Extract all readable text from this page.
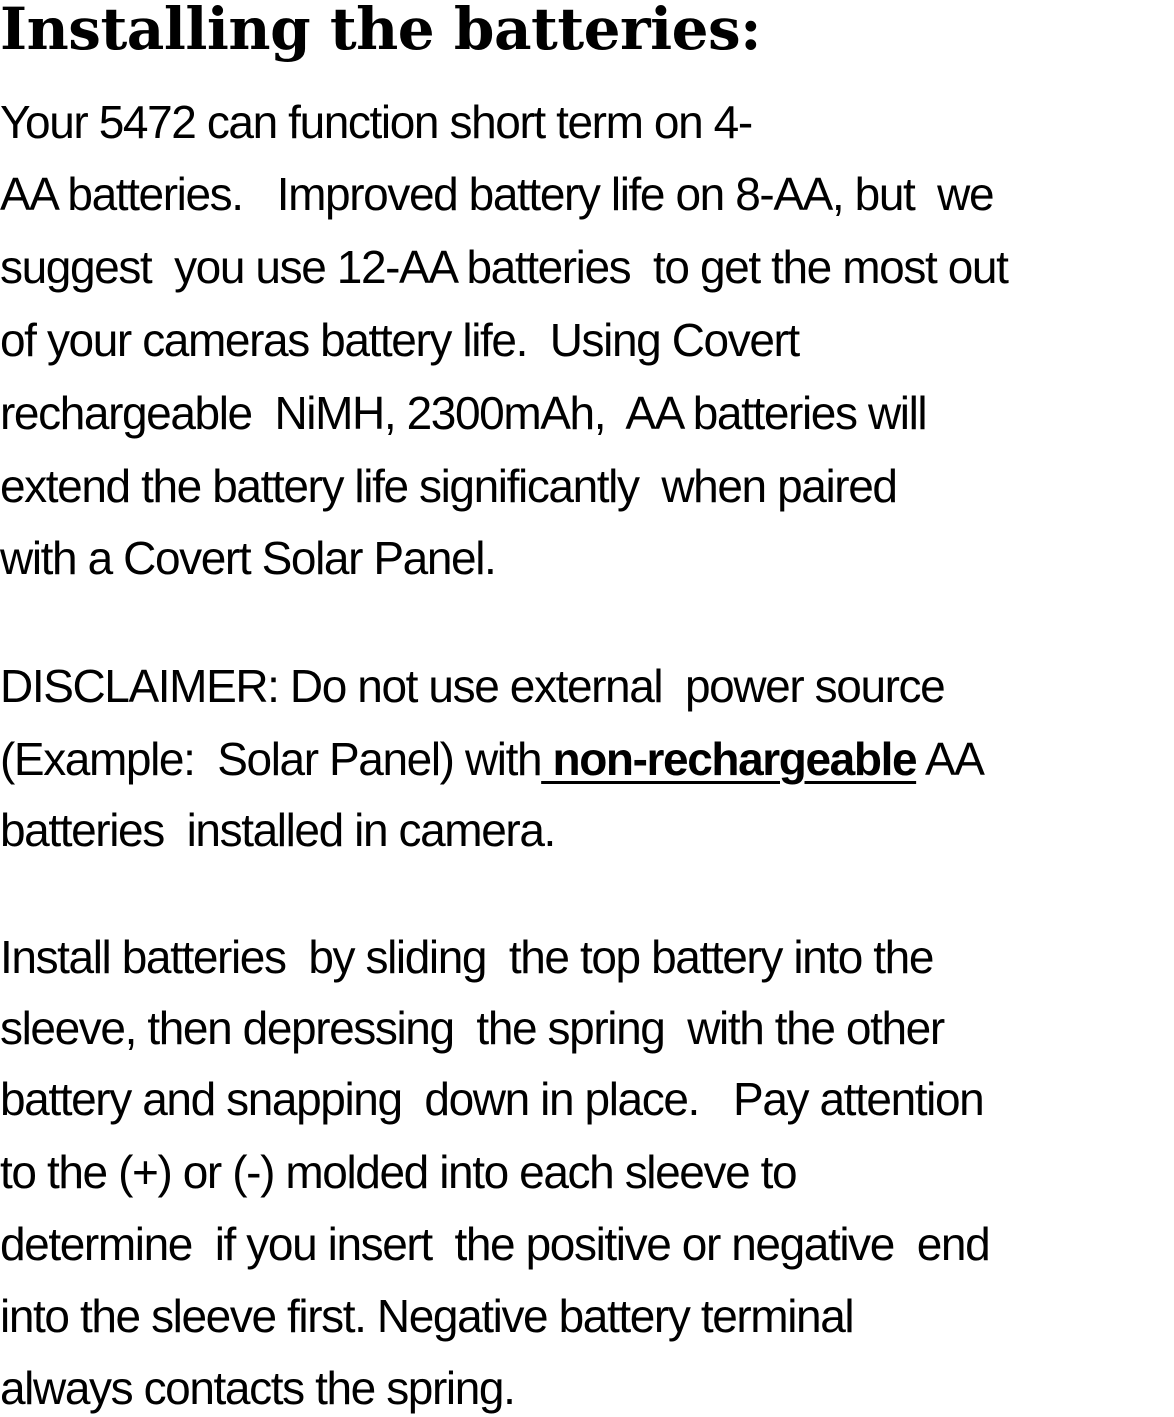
Installing the batteries:

Your 5472 can function short term on 4-

AA batteries.   Improved battery life on 8-AA, but  we

suggest  you use 12-AA batteries  to get the most out

of your cameras battery life.  Using Covert

rechargeable  NiMH, 2300mAh,  AA batteries will

extend the battery life significantly  when paired

with a Covert Solar Panel.

DISCLAIMER: Do not use external  power source

(Example:  Solar Panel) with non-rechargeable AA

batteries  installed in camera.

Install batteries  by sliding  the top battery into the

sleeve, then depressing  the spring  with the other

battery and snapping  down in place.   Pay attention

to the (+) or (-) molded into each sleeve to

determine  if you insert  the positive or negative  end

into the sleeve first. Negative battery terminal

always contacts the spring.
